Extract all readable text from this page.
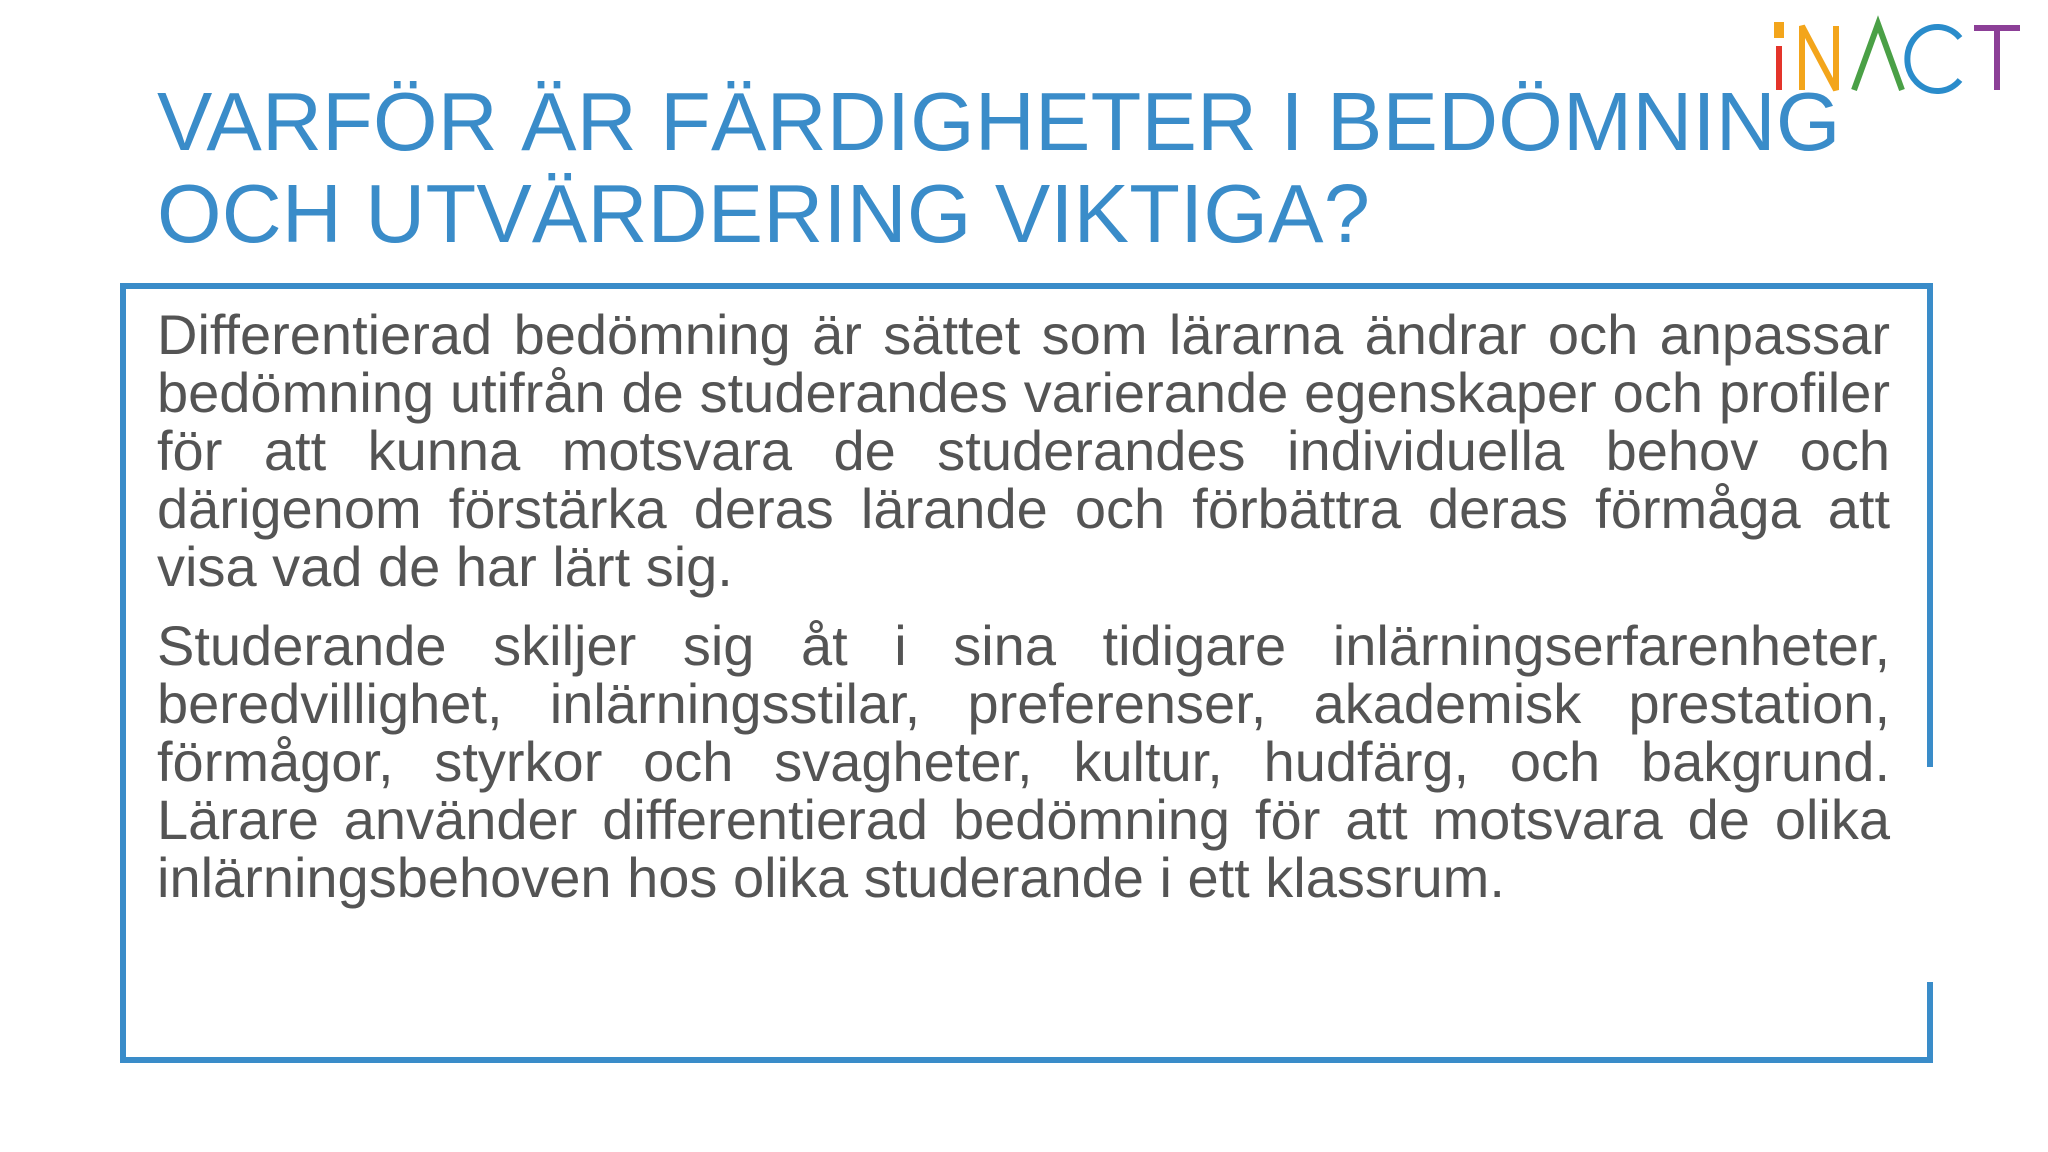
VARFÖR ÄR FÄRDIGHETER I BEDÖMNING
OCH UTVÄRDERING VIKTIGA?

Differentierad bedömning är sättet som lärarna ändrar och anpassar bedömning utifrån de studerandes varierande egenskaper och profiler för att kunna motsvara de studerandes individuella behov och därigenom förstärka deras lärande och förbättra deras förmåga att visa vad de har lärt sig.

Studerande skiljer sig åt i sina tidigare inlärningserfarenheter, beredvillighet, inlärningsstilar, preferenser, akademisk prestation, förmågor, styrkor och svagheter, kultur, hudfärg, och bakgrund. Lärare använder differentierad bedömning för att motsvara de olika inlärningsbehoven hos olika studerande i ett klassrum.
